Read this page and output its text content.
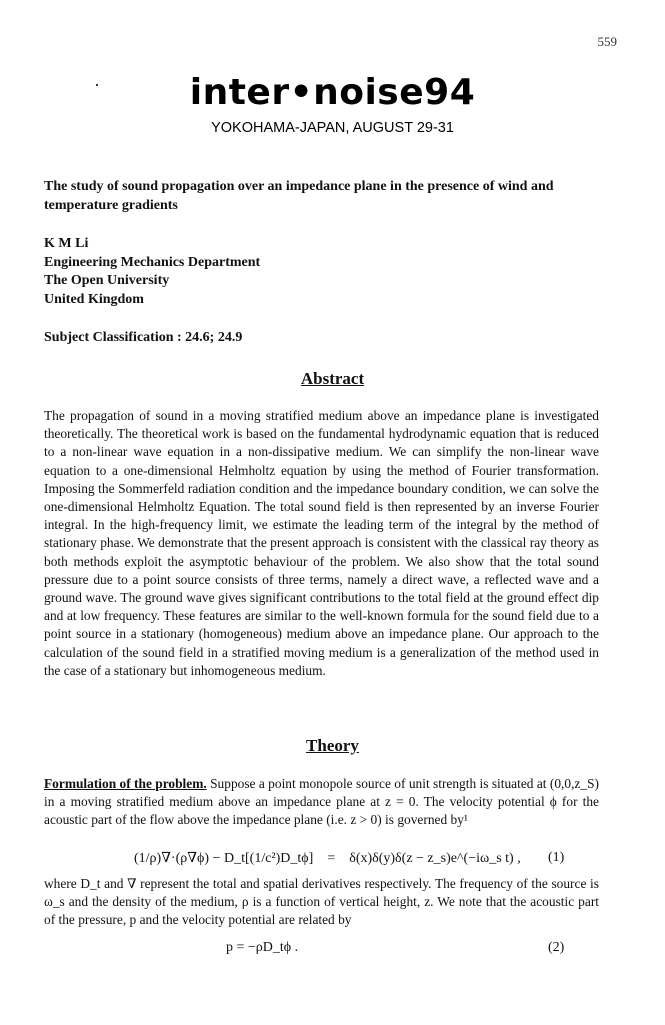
559
inter•noise94
YOKOHAMA-JAPAN, AUGUST 29-31
The study of sound propagation over an impedance plane in the presence of wind and temperature gradients
K M Li
Engineering Mechanics Department
The Open University
United Kingdom
Subject Classification : 24.6; 24.9
Abstract
The propagation of sound in a moving stratified medium above an impedance plane is investigated theoretically. The theoretical work is based on the fundamental hydrodynamic equation that is reduced to a non-linear wave equation in a non-dissipative medium. We can simplify the non-linear wave equation to a one-dimensional Helmholtz equation by using the method of Fourier transformation. Imposing the Sommerfeld radiation condition and the impedance boundary condition, we can solve the one-dimensional Helmholtz Equation. The total sound field is then represented by an inverse Fourier integral. In the high-frequency limit, we estimate the leading term of the integral by the method of stationary phase. We demonstrate that the present approach is consistent with the classical ray theory as both methods exploit the asymptotic behaviour of the problem. We also show that the total sound pressure due to a point source consists of three terms, namely a direct wave, a reflected wave and a ground wave. The ground wave gives significant contributions to the total field at the ground effect dip and at low frequency. These features are similar to the well-known formula for the sound field due to a point source in a stationary (homogeneous) medium above an impedance plane. Our approach to the calculation of the sound field in a stratified moving medium is a generalization of the method used in the case of a stationary but inhomogeneous medium.
Theory
Formulation of the problem. Suppose a point monopole source of unit strength is situated at (0,0,z_S) in a moving stratified medium above an impedance plane at z = 0. The velocity potential ϕ for the acoustic part of the flow above the impedance plane (i.e. z > 0) is governed by¹
(1/ρ)∇·(ρ∇ϕ) − D_t[(1/c²)D_tϕ] = δ(x)δ(y)δ(z − z_s)e^(−iω_s t) , (1)
where D_t and ∇ represent the total and spatial derivatives respectively. The frequency of the source is ω_s and the density of the medium, ρ is a function of vertical height, z. We note that the acoustic part of the pressure, p and the velocity potential are related by
p = −ρD_tϕ .	(2)
